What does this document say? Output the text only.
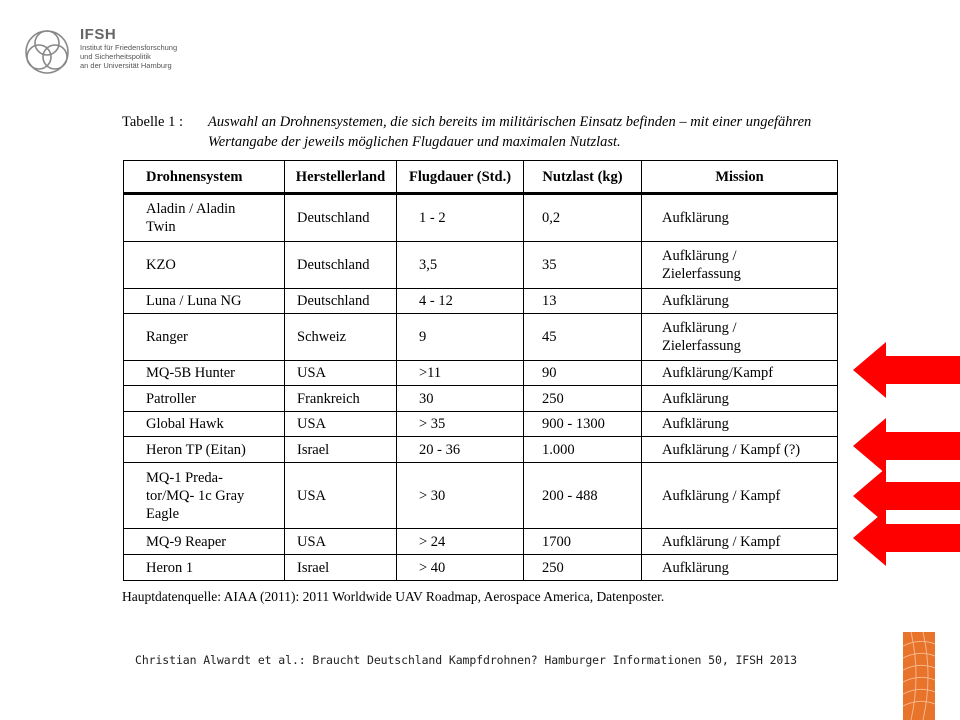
IFSH
Institut für Friedensforschung
und Sicherheitspolitik
an der Universität Hamburg
Tabelle 1 :	Auswahl an Drohnensystemen, die sich bereits im militärischen Einsatz befinden – mit einer ungefähren Wertangabe der jeweils möglichen Flugdauer und maximalen Nutzlast.
Drohnensystem	Herstellerland	Flugdauer (Std.)	Nutzlast (kg)	Mission
Aladin / Aladin Twin	Deutschland	1 - 2	0,2	Aufklärung
KZO	Deutschland	3,5	35	Aufklärung / Zielerfassung
Luna / Luna NG	Deutschland	4 - 12	13	Aufklärung
Ranger	Schweiz	9	45	Aufklärung / Zielerfassung
MQ-5B Hunter	USA	>11	90	Aufklärung/Kampf
Patroller	Frankreich	30	250	Aufklärung
Global Hawk	USA	> 35	900 - 1300	Aufklärung
Heron TP (Eitan)	Israel	20 - 36	1.000	Aufklärung / Kampf (?)
MQ-1 Preda-tor/MQ- 1c Gray Eagle	USA	> 30	200 - 488	Aufklärung / Kampf
MQ-9 Reaper	USA	> 24	1700	Aufklärung / Kampf
Heron 1	Israel	> 40	250	Aufklärung
Hauptdatenquelle: AIAA (2011): 2011 Worldwide UAV Roadmap, Aerospace America, Datenposter.
Christian Alwardt et al.: Braucht Deutschland Kampfdrohnen? Hamburger Informationen 50, IFSH 2013
